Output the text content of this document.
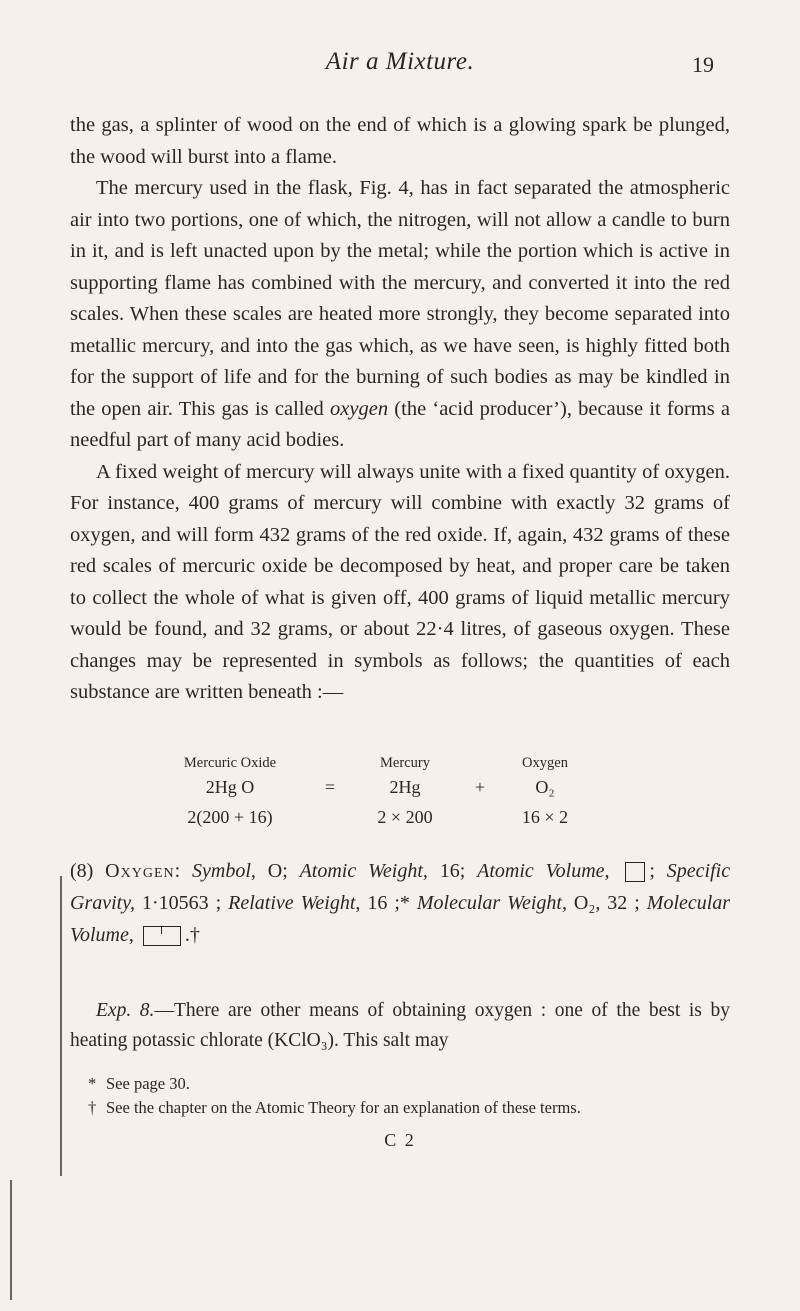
Air a Mixture.	19

the gas, a splinter of wood on the end of which is a glowing spark be plunged, the wood will burst into a flame.

The mercury used in the flask, Fig. 4, has in fact separated the atmospheric air into two portions, one of which, the nitrogen, will not allow a candle to burn in it, and is left unacted upon by the metal; while the portion which is active in supporting flame has combined with the mercury, and converted it into the red scales. When these scales are heated more strongly, they become separated into metallic mercury, and into the gas which, as we have seen, is highly fitted both for the support of life and for the burning of such bodies as may be kindled in the open air. This gas is called oxygen (the ‘acid producer’), because it forms a needful part of many acid bodies.

A fixed weight of mercury will always unite with a fixed quantity of oxygen. For instance, 400 grams of mercury will combine with exactly 32 grams of oxygen, and will form 432 grams of the red oxide. If, again, 432 grams of these red scales of mercuric oxide be decomposed by heat, and proper care be taken to collect the whole of what is given off, 400 grams of liquid metallic mercury would be found, and 32 grams, or about 22·4 litres, of gaseous oxygen. These changes may be represented in symbols as follows; the quantities of each substance are written beneath :—

Mercuric Oxide	Mercury	Oxygen
2Hg O	=	2Hg	+	O₂
2(200 + 16)	2 × 200	16 × 2

(8) Oxygen: Symbol, O; Atomic Weight, 16; Atomic Volume, ; Specific Gravity, 1·10563 ; Relative Weight, 16 ;* Molecular Weight, O₂, 32 ; Molecular Volume,	.†

Exp. 8.—There are other means of obtaining oxygen : one of the best is by heating potassic chlorate (KClO₃). This salt may

* See page 30.

† See the chapter on the Atomic Theory for an explanation of these terms.

C 2
